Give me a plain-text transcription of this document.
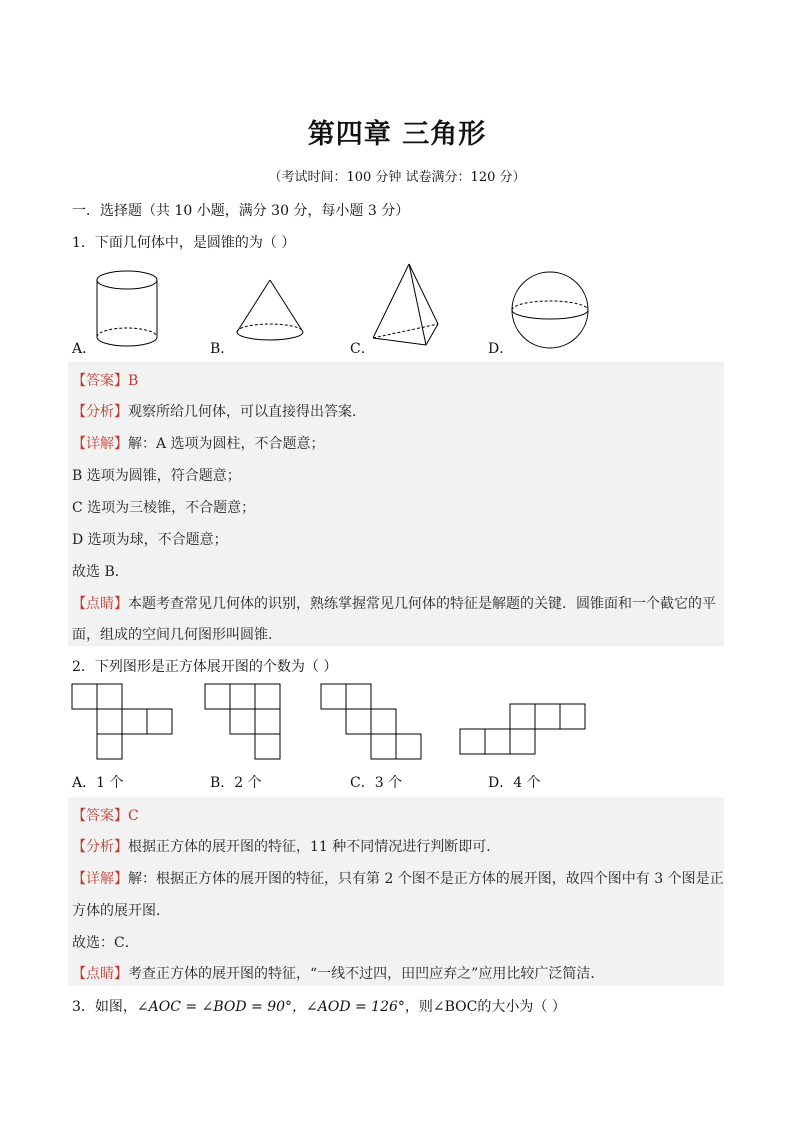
第四章 三角形
（考试时间：100 分钟 试卷满分：120 分）
一．选择题（共 10 小题，满分 30 分，每小题 3 分）
1．下面几何体中，是圆锥的为（ ）
A．	B．	C．	D．
【答案】B
【分析】观察所给几何体，可以直接得出答案．
【详解】解：A 选项为圆柱，不合题意；
B 选项为圆锥，符合题意；
C 选项为三棱锥，不合题意；
D 选项为球，不合题意；
故选 B．
【点睛】本题考查常见几何体的识别，熟练掌握常见几何体的特征是解题的关键．圆锥面和一个截它的平
面，组成的空间几何图形叫圆锥．
2．下列图形是正方体展开图的个数为（ ）
A．1 个	B．2 个	C．3 个	D．4 个
【答案】C
【分析】根据正方体的展开图的特征，11 种不同情况进行判断即可．
【详解】解：根据正方体的展开图的特征，只有第 2 个图不是正方体的展开图，故四个图中有 3 个图是正
方体的展开图．
故选：C．
【点睛】考查正方体的展开图的特征，“一线不过四，田凹应弃之”应用比较广泛简洁．
3．如图，∠AOC = ∠BOD = 90°，∠AOD = 126°，则∠BOC的大小为（ ）
